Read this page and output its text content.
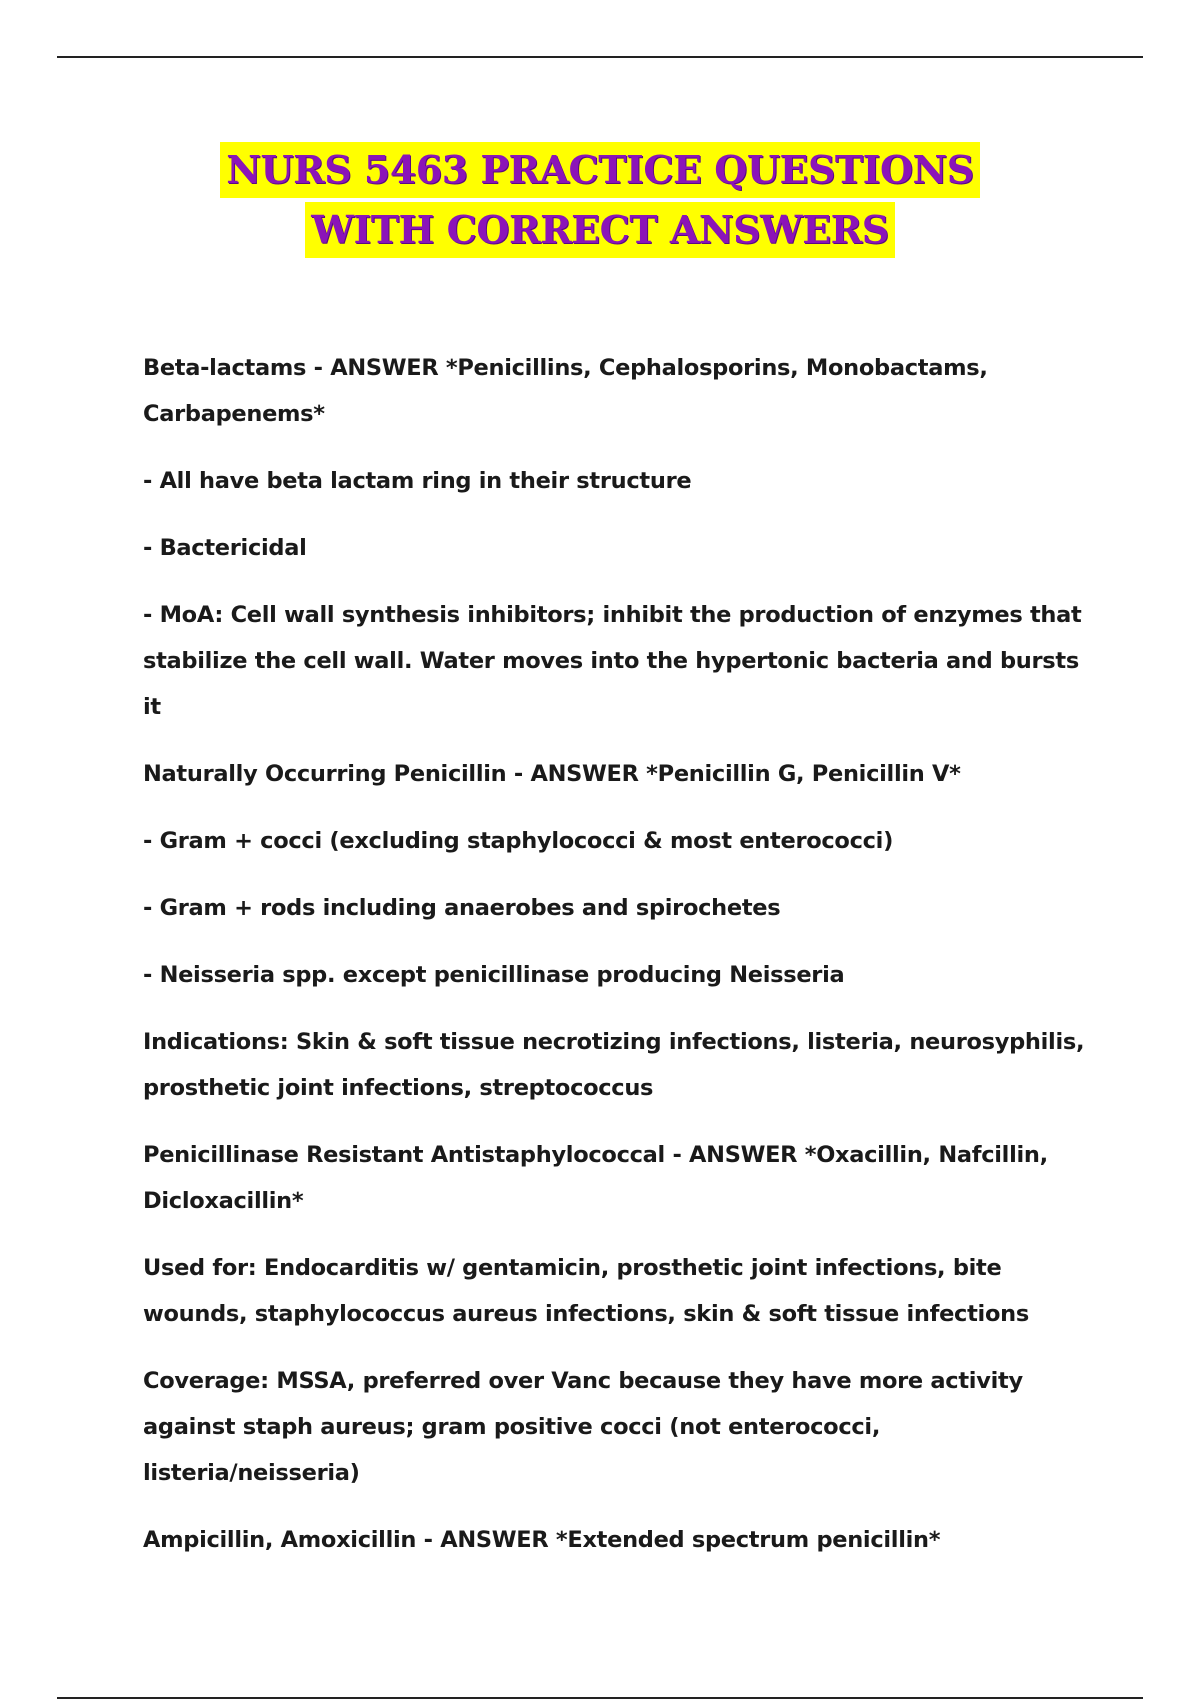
NURS 5463 PRACTICE QUESTIONS
WITH CORRECT ANSWERS

Beta-lactams - ANSWER *Penicillins, Cephalosporins, Monobactams, Carbapenems*

- All have beta lactam ring in their structure

- Bactericidal

- MoA: Cell wall synthesis inhibitors; inhibit the production of enzymes that stabilize the cell wall. Water moves into the hypertonic bacteria and bursts it

Naturally Occurring Penicillin - ANSWER *Penicillin G, Penicillin V*

- Gram + cocci (excluding staphylococci & most enterococci)

- Gram + rods including anaerobes and spirochetes

- Neisseria spp. except penicillinase producing Neisseria

Indications: Skin & soft tissue necrotizing infections, listeria, neurosyphilis, prosthetic joint infections, streptococcus

Penicillinase Resistant Antistaphylococcal - ANSWER *Oxacillin, Nafcillin, Dicloxacillin*

Used for: Endocarditis w/ gentamicin, prosthetic joint infections, bite wounds, staphylococcus aureus infections, skin & soft tissue infections

Coverage: MSSA, preferred over Vanc because they have more activity against staph aureus; gram positive cocci (not enterococci, listeria/neisseria)

Ampicillin, Amoxicillin - ANSWER *Extended spectrum penicillin*
